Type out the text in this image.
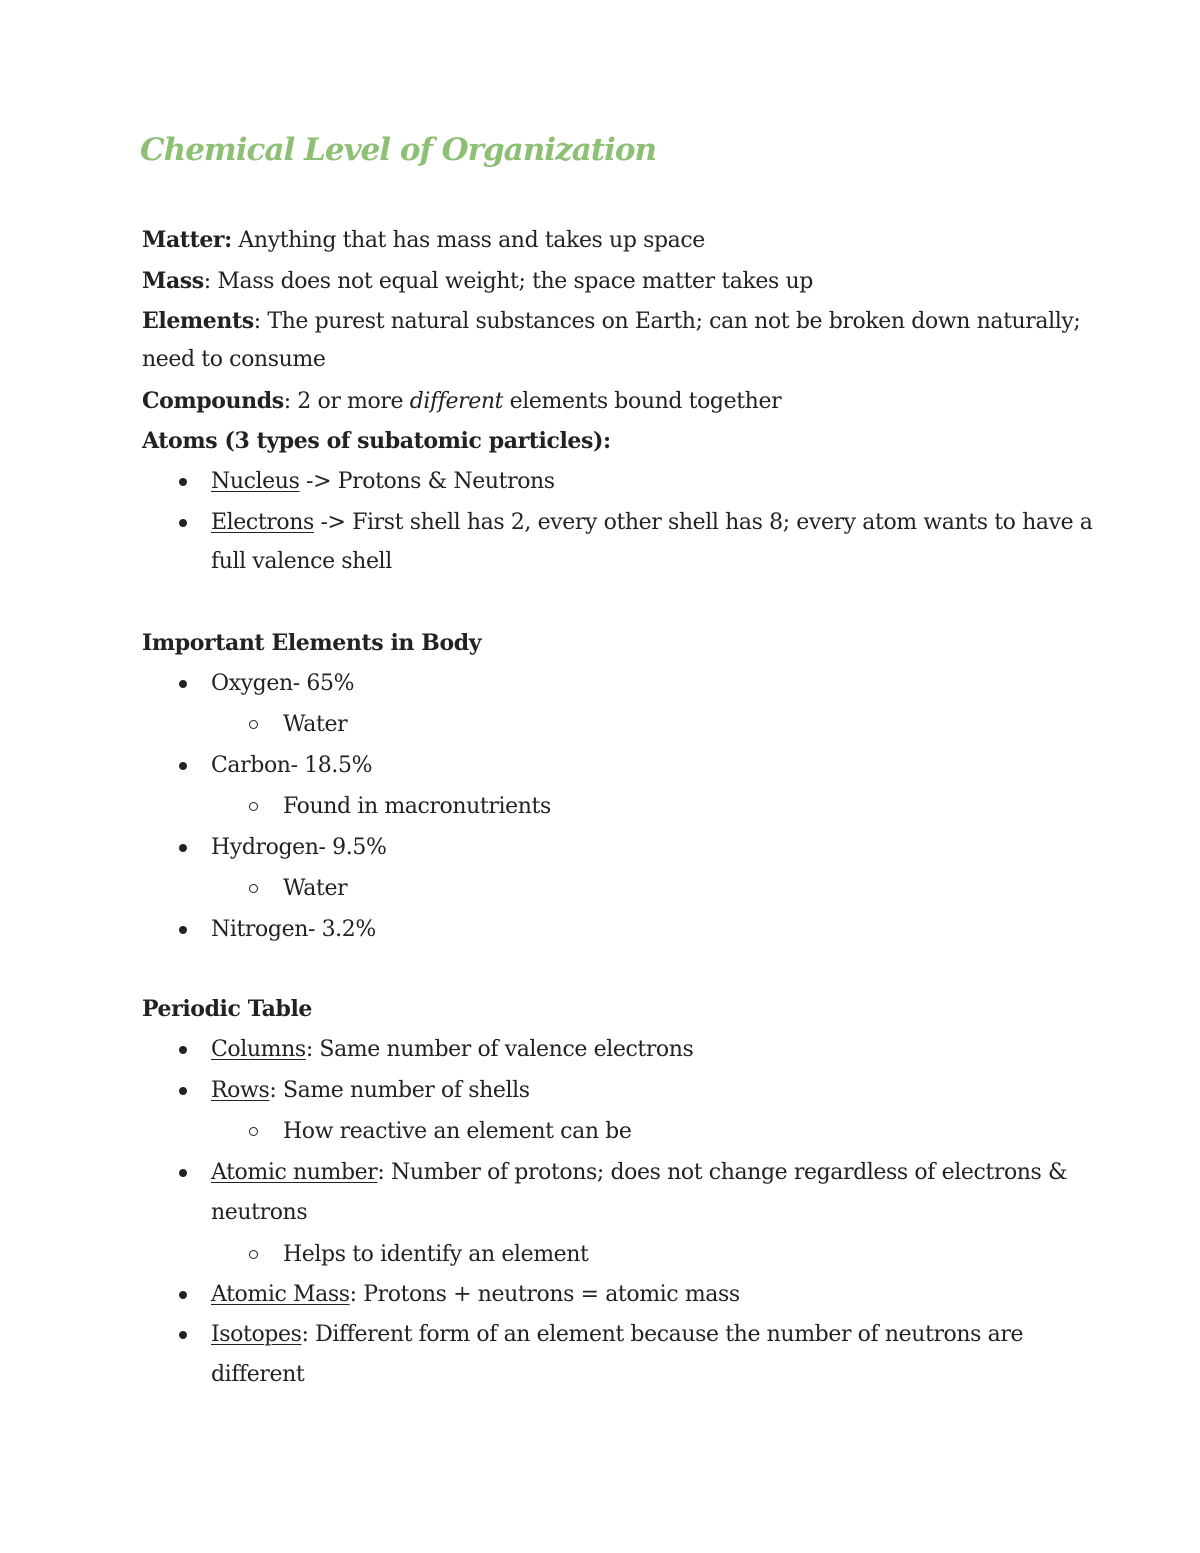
Chemical Level of Organization
Matter: Anything that has mass and takes up space
Mass: Mass does not equal weight; the space matter takes up
Elements: The purest natural substances on Earth; can not be broken down naturally;
need to consume
Compounds: 2 or more different elements bound together
Atoms (3 types of subatomic particles):
Nucleus -> Protons & Neutrons
Electrons -> First shell has 2, every other shell has 8; every atom wants to have a
full valence shell
Important Elements in Body
Oxygen- 65%
Water
Carbon- 18.5%
Found in macronutrients
Hydrogen- 9.5%
Water
Nitrogen- 3.2%
Periodic Table
Columns: Same number of valence electrons
Rows: Same number of shells
How reactive an element can be
Atomic number: Number of protons; does not change regardless of electrons &
neutrons
Helps to identify an element
Atomic Mass: Protons + neutrons = atomic mass
Isotopes: Different form of an element because the number of neutrons are
different
